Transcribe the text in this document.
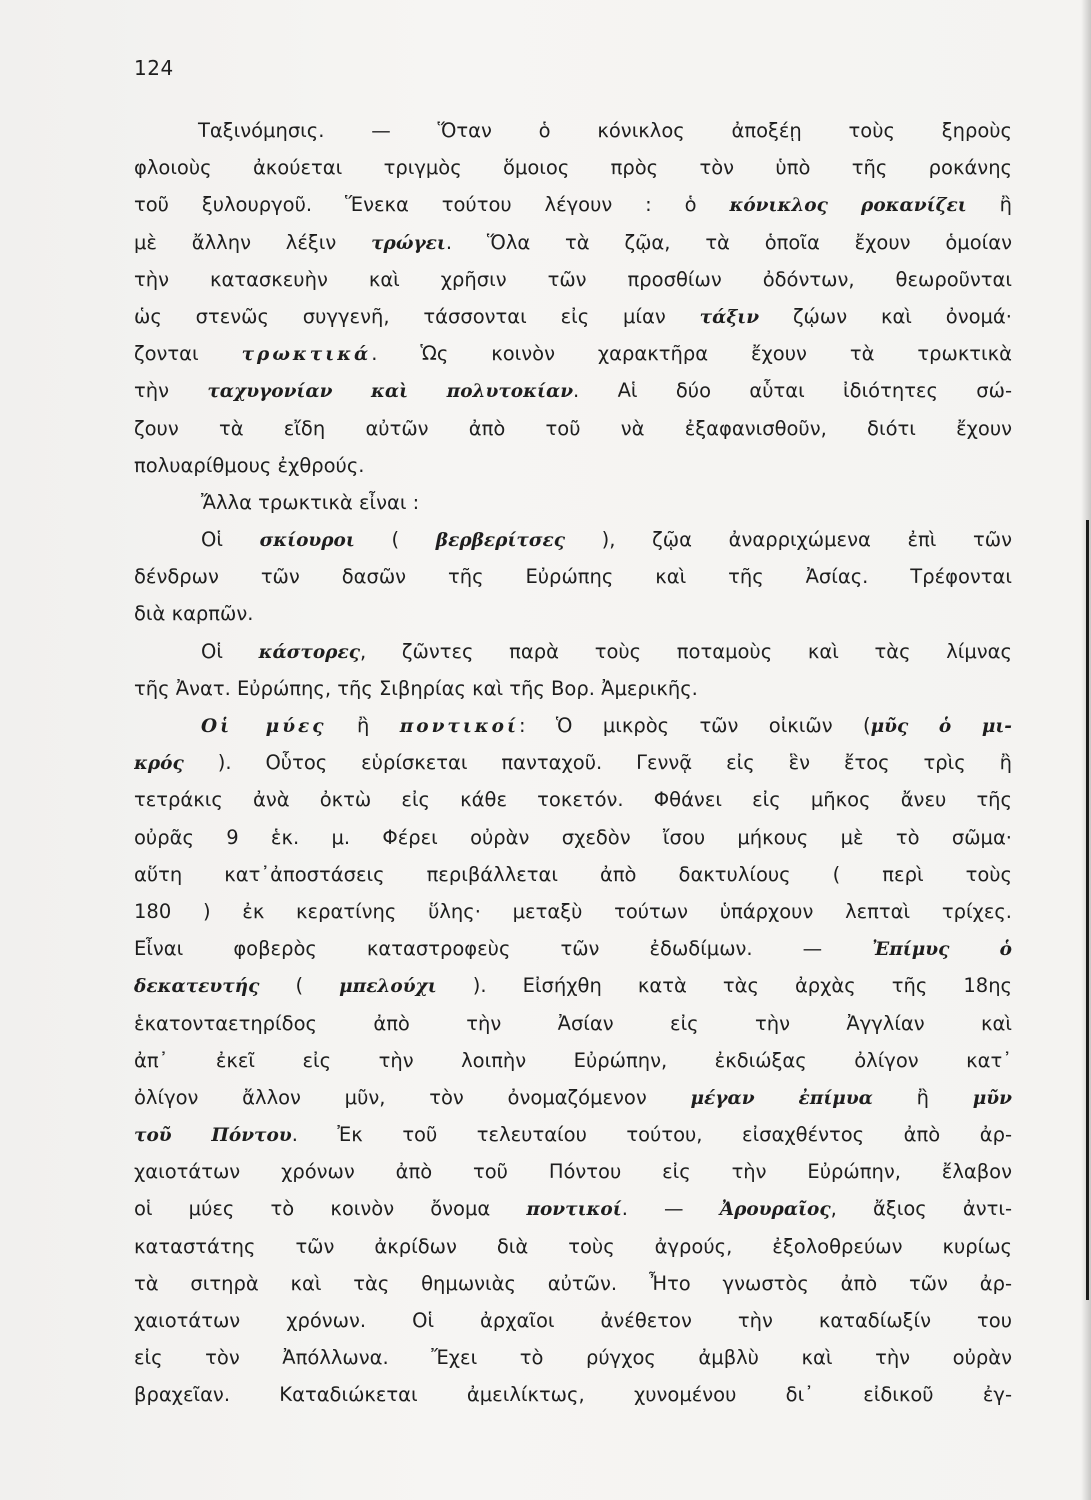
124
Ταξινόμησις. — Ὅταν ὁ κόνικλος ἀποξέῃ τοὺς ξηροὺς
φλοιοὺς ἀκούεται τριγμὸς ὅμοιος πρὸς τὸν ὑπὸ τῆς ροκάνης
τοῦ ξυλουργοῦ. Ἕνεκα τούτου λέγουν : ὁ κόνικλος ροκανίζει ἢ
μὲ ἄλλην λέξιν τρώγει. Ὅλα τὰ ζῷα, τὰ ὁποῖα ἔχουν ὁμοίαν
τὴν κατασκευὴν καὶ χρῆσιν τῶν προσθίων ὀδόντων, θεωροῦνται
ὡς στενῶς συγγενῆ, τάσσονται εἰς μίαν τάξιν ζῴων καὶ ὀνομά·
ζονται τρωκτικά. Ὡς κοινὸν χαρακτῆρα ἔχουν τὰ τρωκτικὰ
τὴν ταχυγονίαν καὶ πολυτοκίαν. Αἱ δύο αὗται ἰδιότητες σώ-
ζουν τὰ εἴδη αὐτῶν ἀπὸ τοῦ νὰ ἐξαφανισθοῦν, διότι ἔχουν
πολυαρίθμους ἐχθρούς.
Ἄλλα τρωκτικὰ εἶναι :
Οἱ σκίουροι ( βερβερίτσες ), ζῷα ἀναρριχώμενα ἐπὶ τῶν
δένδρων τῶν δασῶν τῆς Εὐρώπης καὶ τῆς Ἀσίας. Τρέφονται
διὰ καρπῶν.
Οἱ κάστορες, ζῶντες παρὰ τοὺς ποταμοὺς καὶ τὰς λίμνας
τῆς Ἀνατ. Εὐρώπης, τῆς Σιβηρίας καὶ τῆς Βορ. Ἀμερικῆς.
Οἱ μύες ἢ ποντικοί: Ὁ μικρὸς τῶν οἰκιῶν (μῦς ὁ μι-
κρός ). Οὗτος εὑρίσκεται πανταχοῦ. Γεννᾷ εἰς ἓν ἔτος τρὶς ἢ
τετράκις ἀνὰ ὀκτὼ εἰς κάθε τοκετόν. Φθάνει εἰς μῆκος ἄνευ τῆς
οὐρᾶς 9 ἑκ. μ. Φέρει οὐρὰν σχεδὸν ἴσου μήκους μὲ τὸ σῶμα·
αὕτη κατ᾽ἀποστάσεις περιβάλλεται ἀπὸ δακτυλίους ( περὶ τοὺς
180 ) ἐκ κερατίνης ὕλης· μεταξὺ τούτων ὑπάρχουν λεπταὶ τρίχες.
Εἶναι φοβερὸς καταστροφεὺς τῶν ἐδωδίμων. — Ἐπίμυς ὁ
δεκατευτής ( μπελούχι ). Εἰσήχθη κατὰ τὰς ἀρχὰς τῆς 18ης
ἑκατονταετηρίδος ἀπὸ τὴν Ἀσίαν εἰς τὴν Ἀγγλίαν καὶ
ἀπ᾽ ἐκεῖ εἰς τὴν λοιπὴν Εὐρώπην, ἐκδιώξας ὀλίγον κατ᾽
ὀλίγον ἄλλον μῦν, τὸν ὀνομαζόμενον μέγαν ἐπίμυα ἢ μῦν
τοῦ Πόντου. Ἐκ τοῦ τελευταίου τούτου, εἰσαχθέντος ἀπὸ ἀρ-
χαιοτάτων χρόνων ἀπὸ τοῦ Πόντου εἰς τὴν Εὐρώπην, ἔλαβον
οἱ μύες τὸ κοινὸν ὄνομα ποντικοί. — Ἀρουραῖος, ἄξιος ἀντι-
καταστάτης τῶν ἀκρίδων διὰ τοὺς ἀγρούς, ἐξολοθρεύων κυρίως
τὰ σιτηρὰ καὶ τὰς θημωνιὰς αὐτῶν. Ἦτο γνωστὸς ἀπὸ τῶν ἀρ-
χαιοτάτων χρόνων. Οἱ ἀρχαῖοι ἀνέθετον τὴν καταδίωξίν του
εἰς τὸν Ἀπόλλωνα. Ἔχει τὸ ρύγχος ἀμβλὺ καὶ τὴν οὐρὰν
βραχεῖαν. Καταδιώκεται ἀμειλίκτως, χυνομένου δι᾽ εἰδικοῦ ἐγ-
